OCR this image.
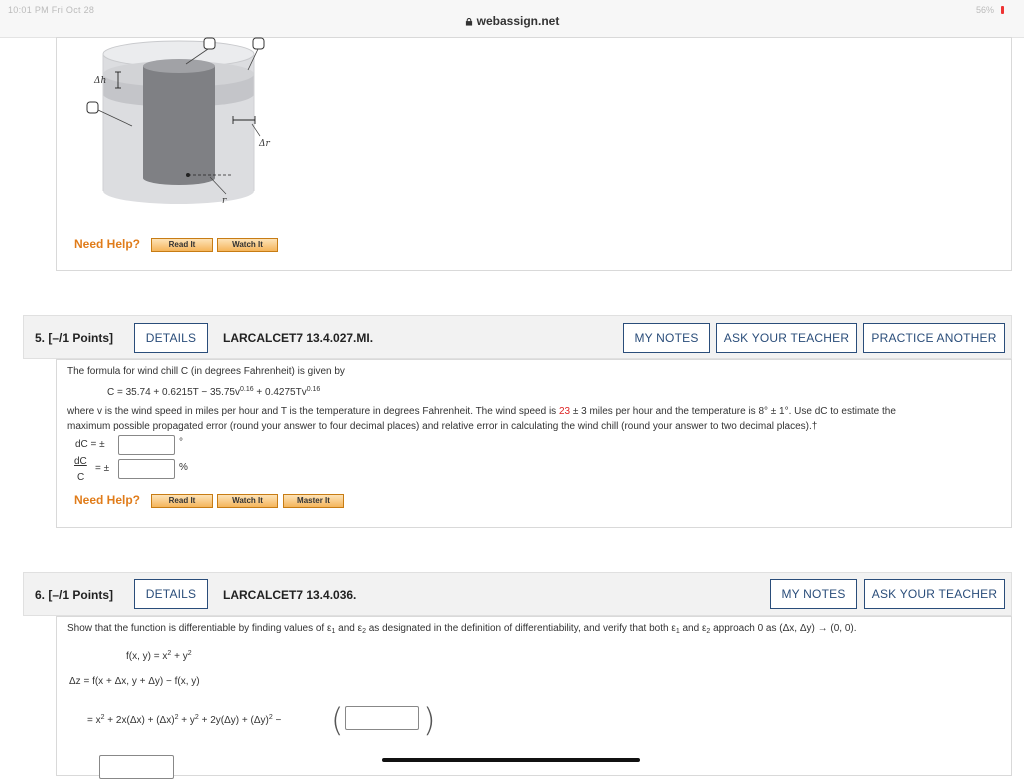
10:01 PM Fri Oct 28
webassign.net
56%
Δh
Δr
r
Need Help?	Read It	Watch It
5. [–/1 Points]	DETAILS	LARCALCET7 13.4.027.MI.	MY NOTES	ASK YOUR TEACHER	PRACTICE ANOTHER
The formula for wind chill C (in degrees Fahrenheit) is given by
$C = 35.74 + 0.6215T - 35.75v^{0.16} + 0.4275Tv^{0.16}$
where v is the wind speed in miles per hour and T is the temperature in degrees Fahrenheit. The wind speed is 23 ± 3 miles per hour and the temperature is 8° ± 1°. Use dC to estimate the
maximum possible propagated error (round your answer to four decimal places) and relative error in calculating the wind chill (round your answer to two decimal places).†
dC = ±	°
dC
C
= ±	%
Need Help?	Read It	Watch It	Master It
6. [–/1 Points]	DETAILS	LARCALCET7 13.4.036.	MY NOTES	ASK YOUR TEACHER
Show that the function is differentiable by finding values of $\varepsilon_1$ and $\varepsilon_2$ as designated in the definition of differentiability, and verify that both $\varepsilon_1$ and $\varepsilon_2$ approach 0 as (Δx, Δy) → (0, 0).
f(x, $y) = x^2 + y^2$
Δz = f(x + Δx, y + Δy) − f(x, y)
= $x^2 + 2x(\Delta x) + (\Delta x)^2 + y^2 + 2y(\Delta y) + (\Delta y)^2$ − ( )
